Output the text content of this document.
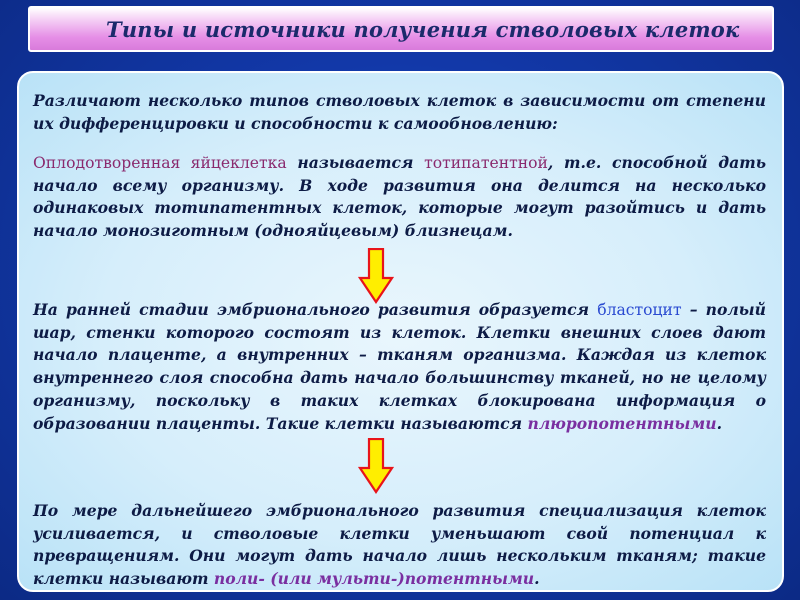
Типы и источники получения стволовых клеток

Различают несколько типов стволовых клеток в зависимости от степени их дифференцировки и способности к самообновлению:

Оплодотворенная яйцеклетка называется тотипатентной, т.е. способной дать начало всему организму. В ходе развития она делится на несколько одинаковых тотипатентных клеток, которые могут разойтись и дать начало монозиготным (однояйцевым) близнецам.

На ранней стадии эмбрионального развития образуется бластоцит – полый шар, стенки которого состоят из клеток. Клетки внешних слоев дают начало плаценте, а внутренних – тканям организма. Каждая из клеток внутреннего слоя способна дать начало большинству тканей, но не целому организму, поскольку в таких клетках блокирована информация о образовании плаценты. Такие клетки называются плюропотентными.

По мере дальнейшего эмбрионального развития специализация клеток усиливается, и стволовые клетки уменьшают свой потенциал к превращениям. Они могут дать начало лишь нескольким тканям; такие клетки называют поли- (или мульти-)потентными.
